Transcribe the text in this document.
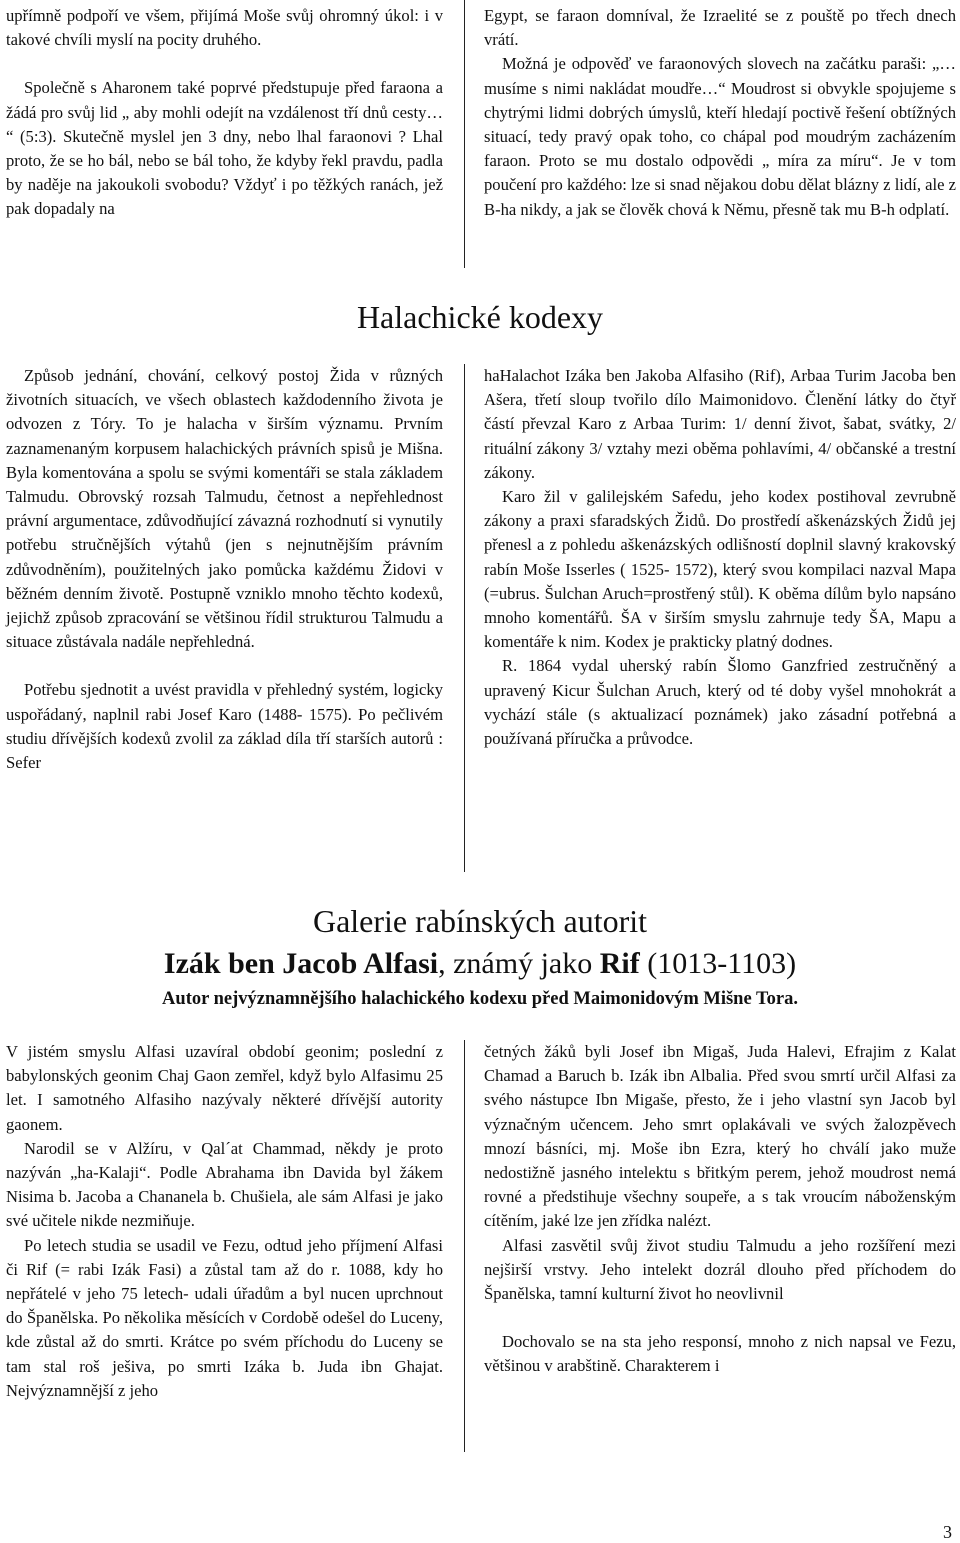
upřímně podpoří ve všem, přijímá Moše svůj ohromný úkol: i v takové chvíli myslí na pocity druhého.

Společně s Aharonem také poprvé předstupuje před faraona a žádá pro svůj lid „ aby mohli odejít na vzdálenost tří dnů cesty… “ (5:3). Skutečně myslel jen 3 dny, nebo lhal faraonovi ? Lhal proto, že se ho bál, nebo se bál toho, že kdyby řekl pravdu, padla by naděje na jakoukoli svobodu? Vždyť i po těžkých ranách, jež pak dopadaly na

Egypt, se faraon domníval, že Izraelité se z pouště po třech dnech vrátí.

Možná je odpověď ve faraonových slovech na začátku paraši: „…musíme s nimi nakládat moudře…“ Moudrost si obvykle spojujeme s chytrými lidmi dobrých úmyslů, kteří hledají poctivě řešení obtížných situací, tedy pravý opak toho, co chápal pod moudrým zacházením faraon. Proto se mu dostalo odpovědi „ míra za míru“. Je v tom poučení pro každého: lze si snad nějakou dobu dělat blázny z lidí, ale z B-ha nikdy, a jak se člověk chová k Němu, přesně tak mu B-h odplatí.

Halachické kodexy

Způsob jednání, chování, celkový postoj Žida v různých životních situacích, ve všech oblastech každodenního života je odvozen z Tóry. To je halacha v širším významu. Prvním zaznamenaným korpusem halachických právních spisů je Mišna. Byla komentována a spolu se svými komentáři se stala základem Talmudu. Obrovský rozsah Talmudu, četnost a nepřehlednost právní argumentace, zdůvodňující závazná rozhodnutí si vynutily potřebu stručnějších výtahů (jen s nejnutnějším právním zdůvodněním), použitelných jako pomůcka každému Židovi v běžném denním životě. Postupně vzniklo mnoho těchto kodexů, jejichž způsob zpracování se většinou řídil strukturou Talmudu a situace zůstávala nadále nepřehledná.

Potřebu sjednotit a uvést pravidla v přehledný systém, logicky uspořádaný, naplnil rabi Josef Karo (1488- 1575). Po pečlivém studiu dřívějších kodexů zvolil za základ díla tří starších autorů : Sefer

haHalachot Izáka ben Jakoba Alfasiho (Rif), Arbaa Turim Jacoba ben Ašera, třetí sloup tvořilo dílo Maimonidovo. Členění látky do čtyř částí převzal Karo z Arbaa Turim: 1/ denní život, šabat, svátky, 2/ rituální zákony 3/ vztahy mezi oběma pohlavími, 4/ občanské a trestní zákony.

Karo žil v galilejském Safedu, jeho kodex postihoval zevrubně zákony a praxi sfaradských Židů. Do prostředí aškenázských Židů jej přenesl a z pohledu aškenázských odlišností doplnil slavný krakovský rabín Moše Isserles ( 1525- 1572), který svou kompilaci nazval Mapa (=ubrus. Šulchan Aruch=prostřený stůl). K oběma dílům bylo napsáno mnoho komentářů. ŠA v širším smyslu zahrnuje tedy ŠA, Mapu a komentáře k nim. Kodex je prakticky platný dodnes.

R. 1864 vydal uherský rabín Šlomo Ganzfried zestručněný a upravený Kicur Šulchan Aruch, který od té doby vyšel mnohokrát a vychází stále (s aktualizací poznámek) jako zásadní potřebná a používaná příručka a průvodce.

Galerie rabínských autorit
Izák ben Jacob Alfasi, známý jako Rif (1013-1103)
Autor nejvýznamnějšího halachického kodexu před Maimonidovým Mišne Tora.

V jistém smyslu Alfasi uzavíral období geonim; poslední z babylonských geonim Chaj Gaon zemřel, když bylo Alfasimu 25 let. I samotného Alfasiho nazývaly některé dřívější autority gaonem.

Narodil se v Alžíru, v Qal´at Chammad, někdy je proto nazýván „ha-Kalaji“. Podle Abrahama ibn Davida byl žákem Nisima b. Jacoba a Chananela b. Chušiela, ale sám Alfasi je jako své učitele nikde nezmiňuje.

Po letech studia se usadil ve Fezu, odtud jeho příjmení Alfasi či Rif (= rabi Izák Fasi) a zůstal tam až do r. 1088, kdy ho nepřátelé v jeho 75 letech- udali úřadům a byl nucen uprchnout do Španělska. Po několika měsících v Cordobě odešel do Luceny, kde zůstal až do smrti. Krátce po svém příchodu do Luceny se tam stal roš ješiva, po smrti Izáka b. Juda ibn Ghajat. Nejvýznamnější z jeho

četných žáků byli Josef ibn Migaš, Juda Halevi, Efrajim z Kalat Chamad a Baruch b. Izák ibn Albalia. Před svou smrtí určil Alfasi za svého nástupce Ibn Migaše, přesto, že i jeho vlastní syn Jacob byl význačným učencem. Jeho smrt oplakávali ve svých žalozpěvech mnozí básníci, mj. Moše ibn Ezra, který ho chválí jako muže nedostižně jasného intelektu s břitkým perem, jehož moudrost nemá rovné a předstihuje všechny soupeře, a s tak vroucím náboženským cítěním, jaké lze jen zřídka nalézt.

Alfasi zasvětil svůj život studiu Talmudu a jeho rozšíření mezi nejširší vrstvy. Jeho intelekt dozrál dlouho před příchodem do Španělska, tamní kulturní život ho neovlivnil

Dochovalo se na sta jeho responsí, mnoho z nich napsal ve Fezu, většinou v arabštině. Charakterem i

3
